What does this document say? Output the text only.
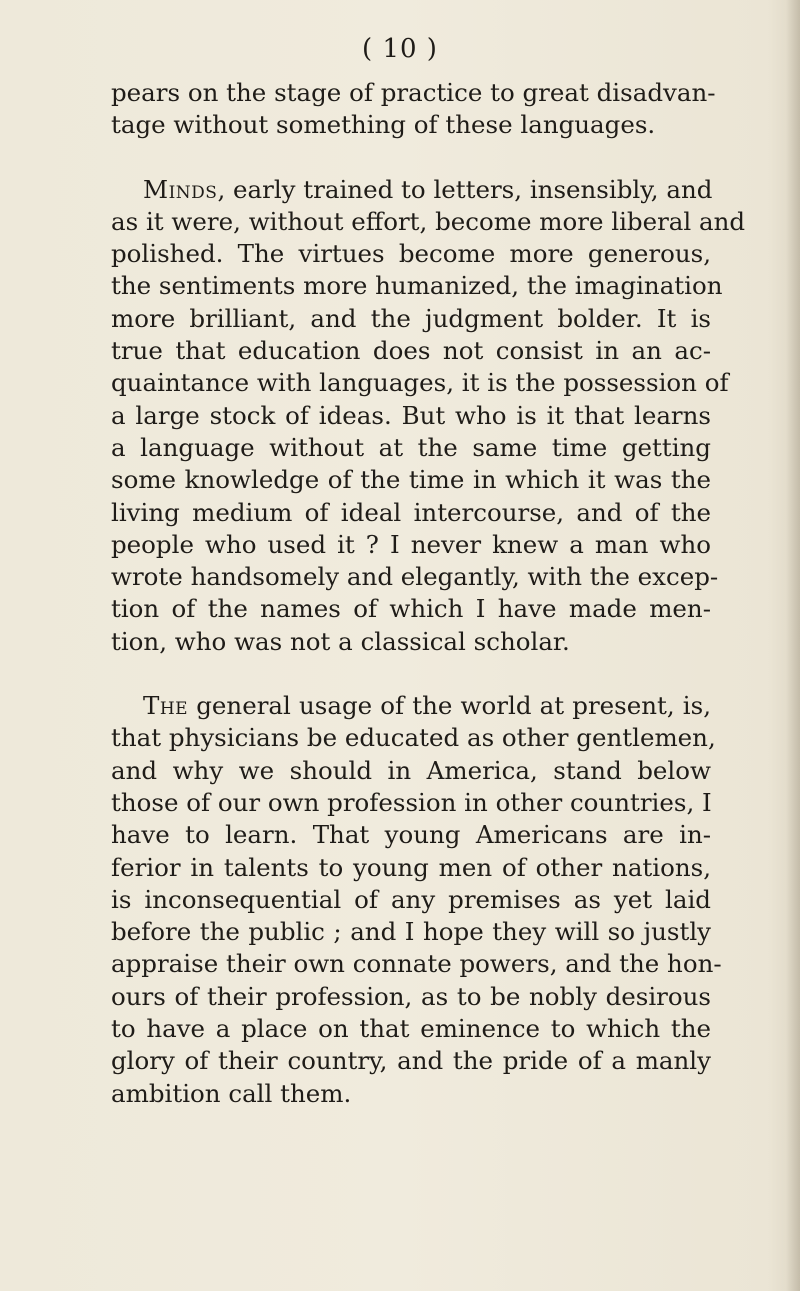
( 10 )
pears on the stage of practice to great disadvan-
tage without something of these languages.
Minds, early trained to letters, insensibly, and
as it were, without effort, become more liberal and
polished. The virtues become more generous,
the sentiments more humanized, the imagination
more brilliant, and the judgment bolder. It is
true that education does not consist in an ac-
quaintance with languages, it is the possession of
a large stock of ideas. But who is it that learns
a language without at the same time getting
some knowledge of the time in which it was the
living medium of ideal intercourse, and of the
people who used it ? I never knew a man who
wrote handsomely and elegantly, with the excep-
tion of the names of which I have made men-
tion, who was not a classical scholar.
The general usage of the world at present, is,
that physicians be educated as other gentlemen,
and why we should in America, stand below
those of our own profession in other countries, I
have to learn. That young Americans are in-
ferior in talents to young men of other nations,
is inconsequential of any premises as yet laid
before the public ; and I hope they will so justly
appraise their own connate powers, and the hon-
ours of their profession, as to be nobly desirous
to have a place on that eminence to which the
glory of their country, and the pride of a manly
ambition call them.
